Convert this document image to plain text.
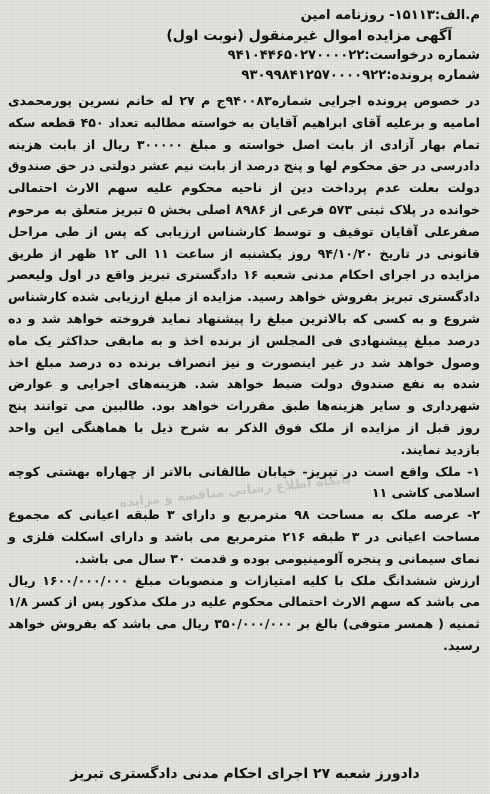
م.الف:۱۵۱۱۳- روزنامه امین
آگهی مزایده اموال غیرمنقول (نوبت اول)
شماره درخواست:۹۴۱۰۴۴۶۵۰۲۷۰۰۰۰۲۲
شماره پرونده:۹۳۰۹۹۸۴۱۲۵۷۰۰۰۰۹۲۲

در خصوص پرونده اجرایی شماره۹۴۰۰۸۳ج م ۲۷ له خانم نسرین پورمحمدی امامیه و برعلیه آقای ابراهیم آقایان به خواسته مطالبه تعداد ۴۵۰ قطعه سکه تمام بهار آزادی از بابت اصل خواسته و مبلغ ۳۰۰۰۰۰ ریال از بابت هزینه دادرسی در حق محکوم لها و پنج درصد از بابت نیم عشر دولتی در حق صندوق دولت بعلت عدم پرداخت دین از ناحیه محکوم علیه سهم الارث احتمالی خوانده در پلاک ثبتی ۵۷۳ فرعی از ۸۹۸۶ اصلی بخش ۵ تبریز متعلق به مرحوم صفرعلی آقایان توقیف و توسط کارشناس ارزیابی که پس از طی مراحل قانونی در تاریخ ۹۴/۱۰/۲۰ روز یکشنبه از ساعت ۱۱ الی ۱۲ ظهر از طریق مزایده در اجرای احکام مدنی شعبه ۱۶ دادگستری تبریز واقع در اول ولیعصر دادگستری تبریز بفروش خواهد رسید. مزایده از مبلغ ارزیابی شده کارشناس شروع و به کسی که بالاترین مبلغ را پیشنهاد نماید فروخته خواهد شد و ده درصد مبلغ پیشنهادی فی المجلس از برنده اخذ و به مابقی حداکثر یک ماه وصول خواهد شد در غیر اینصورت و نیز انصراف برنده ده درصد مبلغ اخذ شده به نفع صندوق دولت ضبط خواهد شد. هزینه‌های اجرایی و عوارض شهرداری و سایر هزینه‌ها طبق مقررات خواهد بود. طالبین می توانند پنج روز قبل از مزایده از ملک فوق الذکر به شرح ذیل با هماهنگی این واحد بازدید نمایند.

۱- ملک واقع است در تبریز- خیابان طالقانی بالاتر از چهاراه بهشتی کوچه اسلامی کاشی ۱۱

۲- عرصه ملک به مساحت ۹۸ مترمربع و دارای ۳ طبقه اعیانی که مجموع مساحت اعیانی در ۳ طبقه ۲۱۶ مترمربع می باشد و دارای اسکلت فلزی و نمای سیمانی و پنجره آلومینیومی بوده و قدمت ۳۰ سال می باشد.

ارزش ششدانگ ملک با کلیه امتیازات و منصوبات مبلغ ۱۶۰۰/۰۰۰/۰۰۰ ریال می باشد که سهم الارث احتمالی محکوم علیه در ملک مذکور پس از کسر ۱/۸ ثمنیه ( همسر متوفی) بالغ بر ۳۵۰/۰۰۰/۰۰۰ ریال می باشد که بفروش خواهد رسید.

پایگاه اطلاع رسانی مناقصه و مزایده
دادورز شعبه ۲۷ اجرای احکام مدنی دادگستری تبریز
